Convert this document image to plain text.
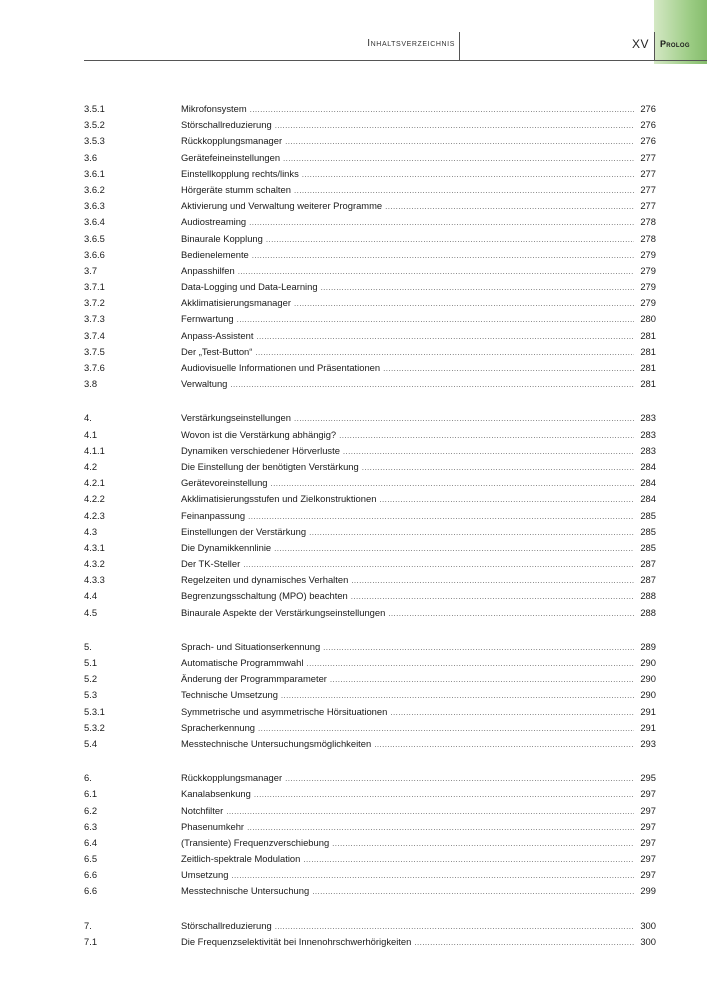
Inhaltsverzeichnis	XV Prolog
3.5.1	Mikrofonsystem .....	276
3.5.2	Störschallreduzierung .....	276
3.5.3	Rückkopplungsmanager .....	276
3.6	Gerätefeineinstellungen .....	277
3.6.1	Einstellkopplung rechts/links .....	277
3.6.2	Hörgeräte stumm schalten .....	277
3.6.3	Aktivierung und Verwaltung weiterer Programme .....	277
3.6.4	Audiostreaming .....	278
3.6.5	Binaurale Kopplung .....	278
3.6.6	Bedienelemente .....	279
3.7	Anpasshilfen .....	279
3.7.1	Data-Logging und Data-Learning .....	279
3.7.2	Akklimatisierungsmanager .....	279
3.7.3	Fernwartung .....	280
3.7.4	Anpass-Assistent .....	281
3.7.5	Der „Test-Button“ .....	281
3.7.6	Audiovisuelle Informationen und Präsentationen .....	281
3.8	Verwaltung .....	281
4.	Verstärkungseinstellungen .....	283
4.1	Wovon ist die Verstärkung abhängig? .....	283
4.1.1	Dynamiken verschiedener Hörverluste .....	283
4.2	Die Einstellung der benötigten Verstärkung .....	284
4.2.1	Gerätevoreinstellung .....	284
4.2.2	Akklimatisierungsstufen und Zielkonstruktionen .....	284
4.2.3	Feinanpassung .....	285
4.3	Einstellungen der Verstärkung .....	285
4.3.1	Die Dynamikkennlinie .....	285
4.3.2	Der TK-Steller .....	287
4.3.3	Regelzeiten und dynamisches Verhalten .....	287
4.4	Begrenzungsschaltung (MPO) beachten .....	288
4.5	Binaurale Aspekte der Verstärkungseinstellungen .....	288
5.	Sprach- und Situationserkennung .....	289
5.1	Automatische Programmwahl .....	290
5.2	Änderung der Programmparameter .....	290
5.3	Technische Umsetzung .....	290
5.3.1	Symmetrische und asymmetrische Hörsituationen .....	291
5.3.2	Spracherkennung .....	291
5.4	Messtechnische Untersuchungsmöglichkeiten .....	293
6.	Rückkopplungsmanager .....	295
6.1	Kanalabsenkung .....	297
6.2	Notchfilter .....	297
6.3	Phasenumkehr .....	297
6.4	(Transiente) Frequenzverschiebung .....	297
6.5	Zeitlich-spektrale Modulation .....	297
6.6	Umsetzung .....	297
6.6	Messtechnische Untersuchung .....	299
7.	Störschallreduzierung .....	300
7.1	Die Frequenzselektivität bei Innenohrschwerhörigkeiten .....	300
